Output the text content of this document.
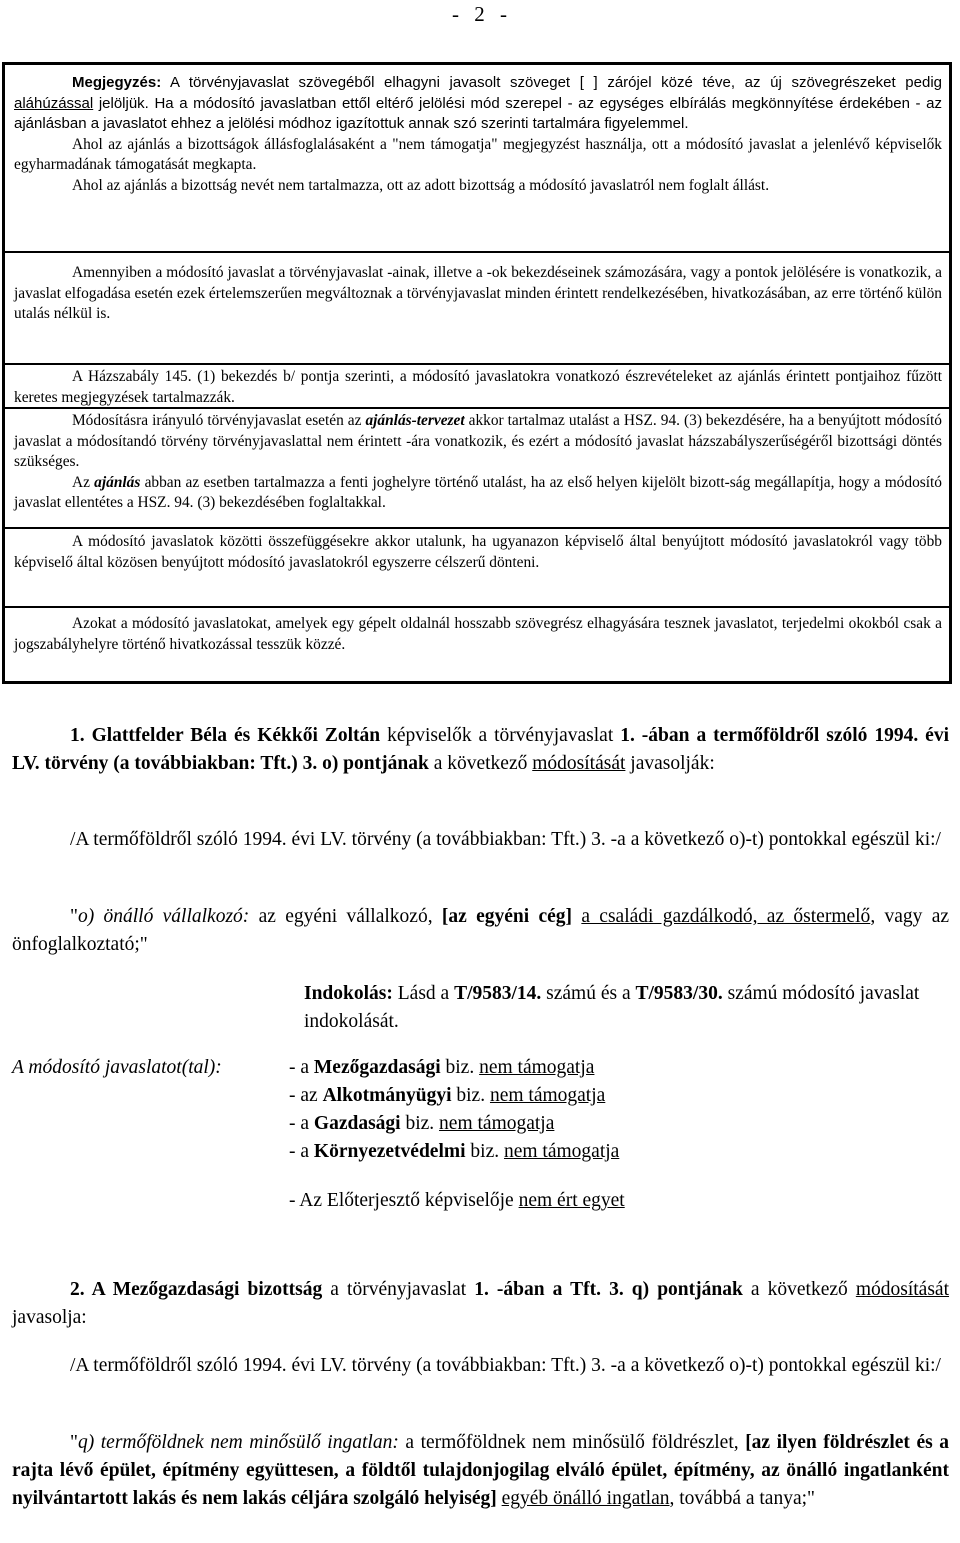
- 2 -

Megjegyzés: A törvényjavaslat szövegéből elhagyni javasolt szöveget [ ] zárójel közé téve, az új szövegrészeket pedig aláhúzással jelöljük. Ha a módosító javaslatban ettől eltérő jelölési mód szerepel - az egységes elbírálás megkönnyítése érdekében - az ajánlásban a javaslatot ehhez a jelölési módhoz igazítottuk annak szó szerinti tartalmára figyelemmel.

Ahol az ajánlás a bizottságok állásfoglalásaként a "nem támogatja" megjegyzést használja, ott a módosító javaslat a jelenlévő képviselők egyharmadának támogatását megkapta.

Ahol az ajánlás a bizottság nevét nem tartalmazza, ott az adott bizottság a módosító javaslatról nem foglalt állást.

Amennyiben a módosító javaslat a törvényjavaslat -ainak, illetve a -ok bekezdéseinek számozására, vagy a pontok jelölésére is vonatkozik, a javaslat elfogadása esetén ezek értelemszerűen megváltoznak a törvényjavaslat minden érintett rendelkezésében, hivatkozásában, az erre történő külön utalás nélkül is.

A Házszabály 145. (1) bekezdés b/ pontja szerinti, a módosító javaslatokra vonatkozó észrevételeket az ajánlás érintett pontjaihoz fűzött keretes megjegyzések tartalmazzák.

Módosításra irányuló törvényjavaslat esetén az ajánlás-tervezet akkor tartalmaz utalást a HSZ. 94. (3) bekezdésére, ha a benyújtott módosító javaslat a módosítandó törvény törvényjavaslattal nem érintett -ára vonatkozik, és ezért a módosító javaslat házszabályszerűségéről bizottsági döntés szükséges.

Az ajánlás abban az esetben tartalmazza a fenti joghelyre történő utalást, ha az első helyen kijelölt bizott-ság megállapítja, hogy a módosító javaslat ellentétes a HSZ. 94. (3) bekezdésében foglaltakkal.

A módosító javaslatok közötti összefüggésekre akkor utalunk, ha ugyanazon képviselő által benyújtott módosító javaslatokról vagy több képviselő által közösen benyújtott módosító javaslatokról egyszerre célszerű dönteni.

Azokat a módosító javaslatokat, amelyek egy gépelt oldalnál hosszabb szövegrész elhagyására tesznek javaslatot, terjedelmi okokból csak a jogszabályhelyre történő hivatkozással tesszük közzé.

1. Glattfelder Béla és Kékkői Zoltán képviselők a törvényjavaslat 1. -ában a termőföldről szóló 1994. évi LV. törvény (a továbbiakban: Tft.) 3. o) pontjának a következő módosítását javasolják:

/A termőföldről szóló 1994. évi LV. törvény (a továbbiakban: Tft.) 3. -a a következő o)-t) pontokkal egészül ki:/

"o) önálló vállalkozó: az egyéni vállalkozó, [az egyéni cég] a családi gazdálkodó, az őstermelő, vagy az önfoglalkoztató;"

Indokolás: Lásd a T/9583/14. számú és a T/9583/30. számú módosító javaslat indokolását.

A módosító javaslatot(tal):	- a Mezőgazdasági biz. nem támogatja
- az Alkotmányügyi biz. nem támogatja
- a Gazdasági biz. nem támogatja
- a Környezetvédelmi biz. nem támogatja
- Az Előterjesztő képviselője nem ért egyet

2. A Mezőgazdasági bizottság a törvényjavaslat 1. -ában a Tft. 3. q) pontjának a következő módosítását javasolja:

/A termőföldről szóló 1994. évi LV. törvény (a továbbiakban: Tft.) 3. -a a következő o)-t) pontokkal egészül ki:/

"q) termőföldnek nem minősülő ingatlan: a termőföldnek nem minősülő földrészlet, [az ilyen földrészlet és a rajta lévő épület, építmény együttesen, a földtől tulajdonjogilag elváló épület, építmény, az önálló ingatlanként nyilvántartott lakás és nem lakás céljára szolgáló helyiség] egyéb önálló ingatlan, továbbá a tanya;"
